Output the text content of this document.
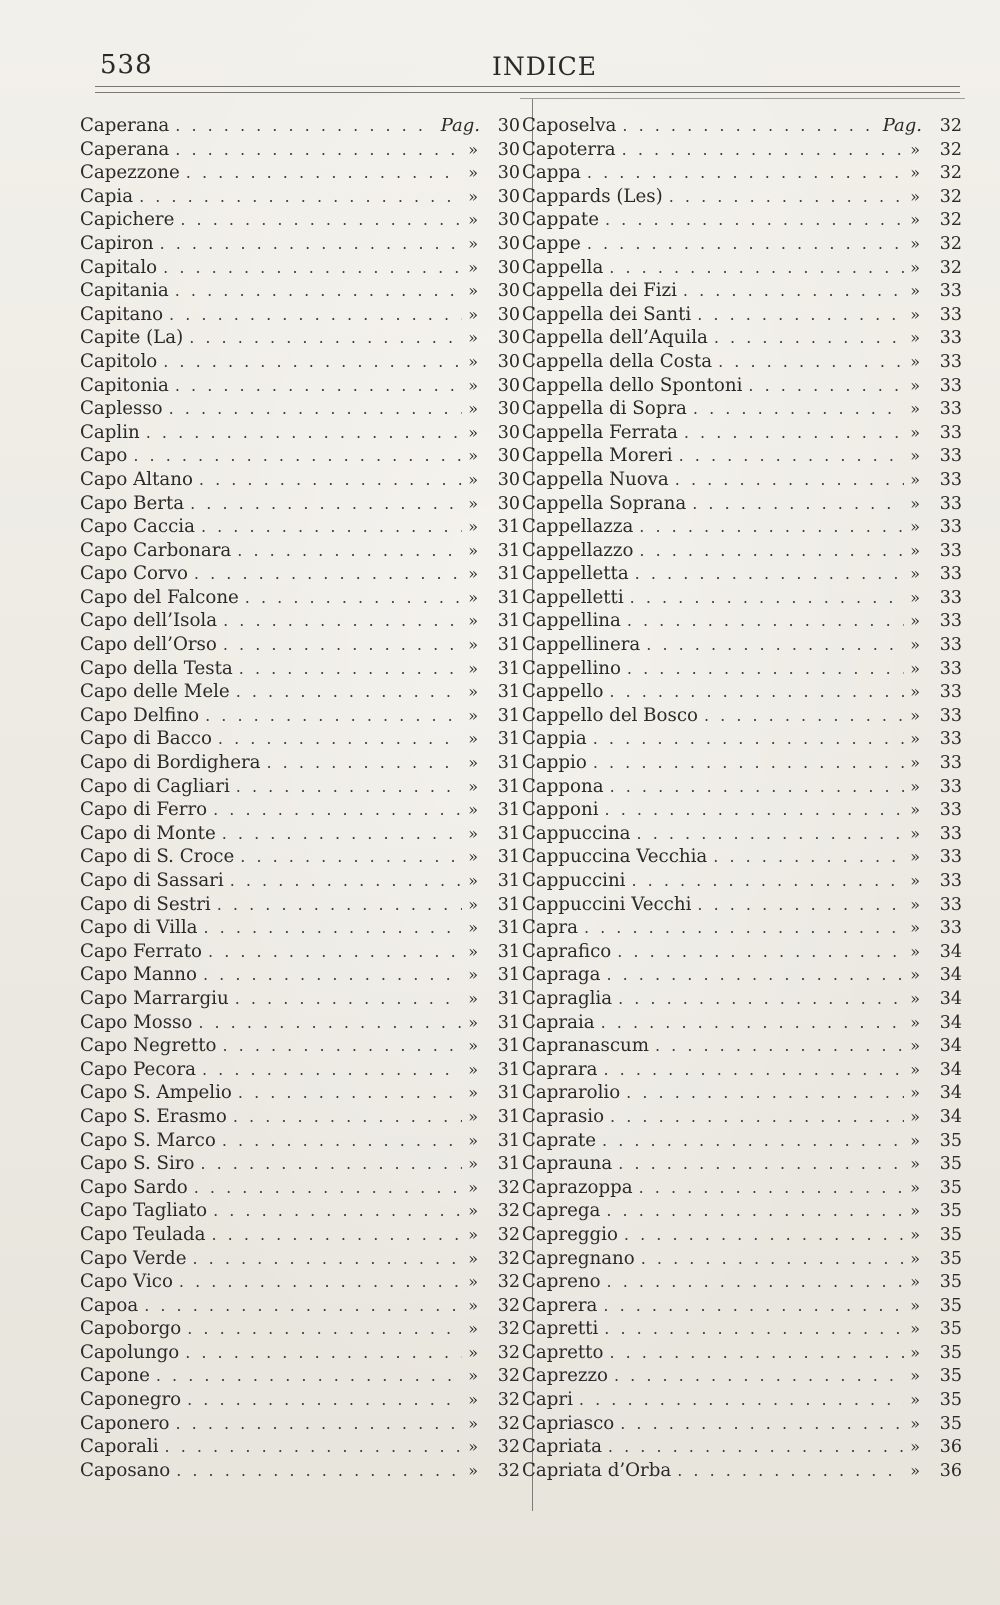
538	INDICE
Caperana . . .	Pag.	30
Caperana . . .	»	30
Capezzone . . .	»	30
Capia . . .	»	30
Capichere . . .	»	30
Capiron . . .	»	30
Capitalo . . .	»	30
Capitania . . .	»	30
Capitano . . .	»	30
Capite (La) . . .	»	30
Capitolo . . .	»	30
Capitonia . . .	»	30
Caplesso . . .	»	30
Caplin . . .	»	30
Capo . . .	»	30
Capo Altano . . .	»	30
Capo Berta . . .	»	30
Capo Caccia . . .	»	31
Capo Carbonara . . .	»	31
Capo Corvo . . .	»	31
Capo del Falcone . . .	»	31
Capo dell’Isola . . .	»	31
Capo dell’Orso . . .	»	31
Capo della Testa . . .	»	31
Capo delle Mele . . .	»	31
Capo Delfino . . .	»	31
Capo di Bacco . . .	»	31
Capo di Bordighera . . .	»	31
Capo di Cagliari . . .	»	31
Capo di Ferro . . .	»	31
Capo di Monte . . .	»	31
Capo di S. Croce . . .	»	31
Capo di Sassari . . .	»	31
Capo di Sestri . . .	»	31
Capo di Villa . . .	»	31
Capo Ferrato . . .	»	31
Capo Manno . . .	»	31
Capo Marrargiu . . .	»	31
Capo Mosso . . .	»	31
Capo Negretto . . .	»	31
Capo Pecora . . .	»	31
Capo S. Ampelio . . .	»	31
Capo S. Erasmo . . .	»	31
Capo S. Marco . . .	»	31
Capo S. Siro . . .	»	31
Capo Sardo . . .	»	32
Capo Tagliato . . .	»	32
Capo Teulada . . .	»	32
Capo Verde . . .	»	32
Capo Vico . . .	»	32
Capoa . . .	»	32
Capoborgo . . .	»	32
Capolungo . . .	»	32
Capone . . .	»	32
Caponegro . . .	»	32
Caponero . . .	»	32
Caporali . . .	»	32
Caposano . . .	»	32
Caposelva . . .	Pag.	32
Capoterra . . .	»	32
Cappa . . .	»	32
Cappards (Les) . . .	»	32
Cappate . . .	»	32
Cappe . . .	»	32
Cappella . . .	»	32
Cappella dei Fizi . . .	»	33
Cappella dei Santi . . .	»	33
Cappella dell’Aquila . . .	»	33
Cappella della Costa . . .	»	33
Cappella dello Spontoni . . .	»	33
Cappella di Sopra . . .	»	33
Cappella Ferrata . . .	»	33
Cappella Moreri . . .	»	33
Cappella Nuova . . .	»	33
Cappella Soprana . . .	»	33
Cappellazza . . .	»	33
Cappellazzo . . .	»	33
Cappelletta . . .	»	33
Cappelletti . . .	»	33
Cappellina . . .	»	33
Cappellinera . . .	»	33
Cappellino . . .	»	33
Cappello . . .	»	33
Cappello del Bosco . . .	»	33
Cappia . . .	»	33
Cappio . . .	»	33
Cappona . . .	»	33
Capponi . . .	»	33
Cappuccina . . .	»	33
Cappuccina Vecchia . . .	»	33
Cappuccini . . .	»	33
Cappuccini Vecchi . . .	»	33
Capra . . .	»	33
Caprafico . . .	»	34
Capraga . . .	»	34
Capraglia . . .	»	34
Capraia . . .	»	34
Capranascum . . .	»	34
Caprara . . .	»	34
Caprarolio . . .	»	34
Caprasio . . .	»	34
Caprate . . .	»	35
Caprauna . . .	»	35
Caprazoppa . . .	»	35
Caprega . . .	»	35
Capreggio . . .	»	35
Capregnano . . .	»	35
Capreno . . .	»	35
Caprera . . .	»	35
Capretti . . .	»	35
Capretto . . .	»	35
Caprezzo . . .	»	35
Capri . . .	»	35
Capriasco . . .	»	35
Capriata . . .	»	36
Capriata d’Orba . . .	»	36
